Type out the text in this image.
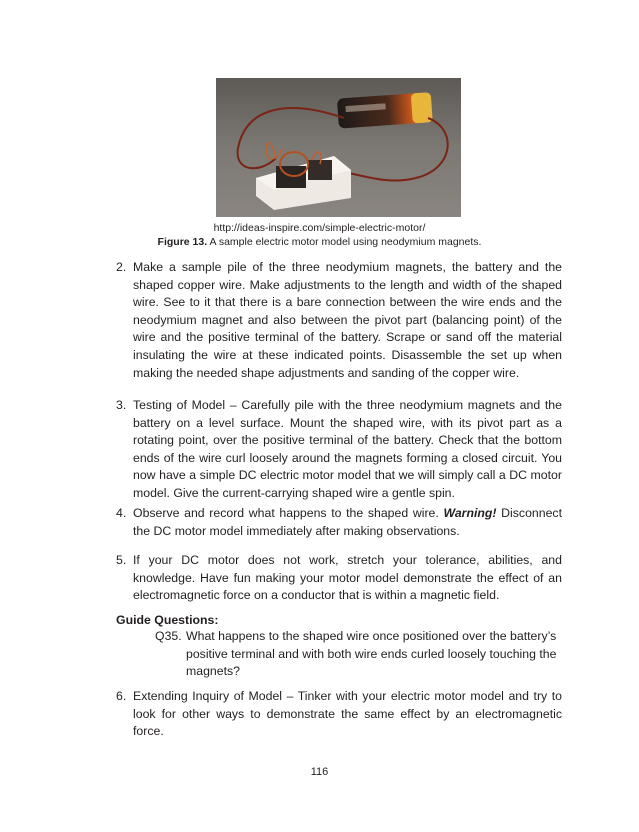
http://ideas-inspire.com/simple-electric-motor/
Figure 13. A sample electric motor model using neodymium magnets.
2. Make a sample pile of the three neodymium magnets, the battery and the shaped copper wire. Make adjustments to the length and width of the shaped wire. See to it that there is a bare connection between the wire ends and the neodymium magnet and also between the pivot part (balancing point) of the wire and the positive terminal of the battery. Scrape or sand off the material insulating the wire at these indicated points. Disassemble the set up when making the needed shape adjustments and sanding of the copper wire.
3. Testing of Model – Carefully pile with the three neodymium magnets and the battery on a level surface. Mount the shaped wire, with its pivot part as a rotating point, over the positive terminal of the battery. Check that the bottom ends of the wire curl loosely around the magnets forming a closed circuit. You now have a simple DC electric motor model that we will simply call a DC motor model. Give the current-carrying shaped wire a gentle spin.
4. Observe and record what happens to the shaped wire. Warning! Disconnect the DC motor model immediately after making observations.
5. If your DC motor does not work, stretch your tolerance, abilities, and knowledge. Have fun making your motor model demonstrate the effect of an electromagnetic force on a conductor that is within a magnetic field.
Guide Questions:
Q35. What happens to the shaped wire once positioned over the battery’s positive terminal and with both wire ends curled loosely touching the magnets?
6. Extending Inquiry of Model – Tinker with your electric motor model and try to look for other ways to demonstrate the same effect by an electromagnetic force.
116
